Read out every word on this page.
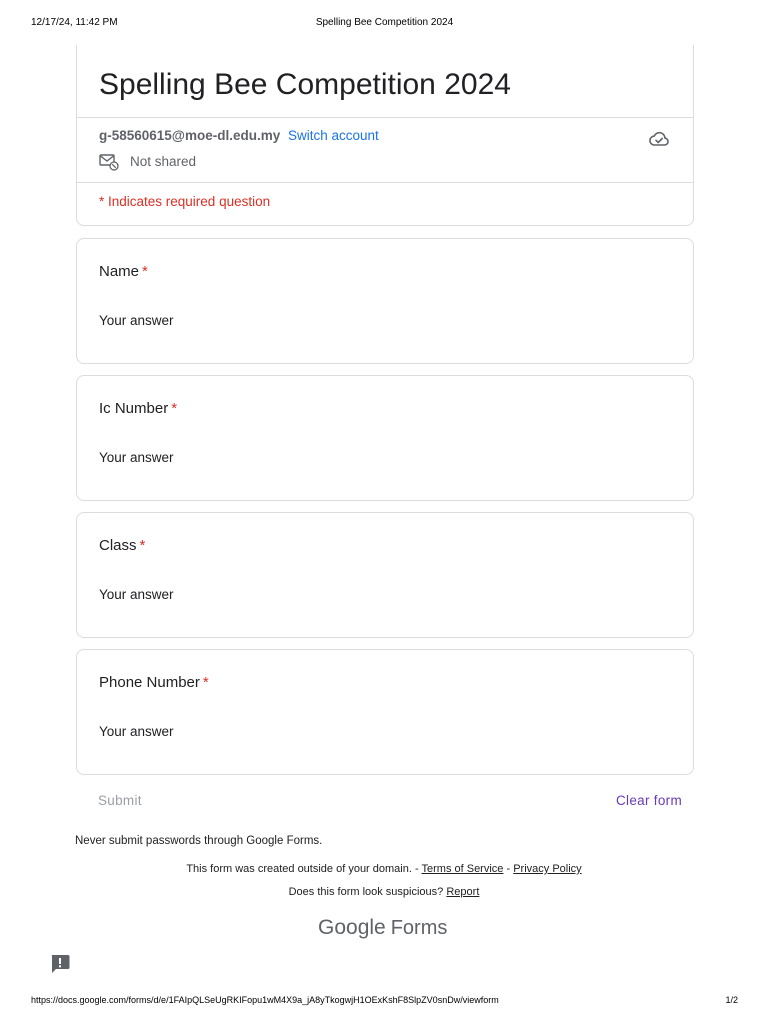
12/17/24, 11:42 PM	Spelling Bee Competition 2024
Spelling Bee Competition 2024
g-58560615@moe-dl.edu.my Switch account
Not shared
* Indicates required question
Name *
Your answer
Ic Number *
Your answer
Class *
Your answer
Phone Number *
Your answer
Submit	Clear form
Never submit passwords through Google Forms.
This form was created outside of your domain. - Terms of Service - Privacy Policy
Does this form look suspicious? Report
Google Forms
https://docs.google.com/forms/d/e/1FAIpQLSeUgRKIFopu1wM4X9a_jA8yTkogwjH1OExKshF8SlpZV0snDw/viewform	1/2
